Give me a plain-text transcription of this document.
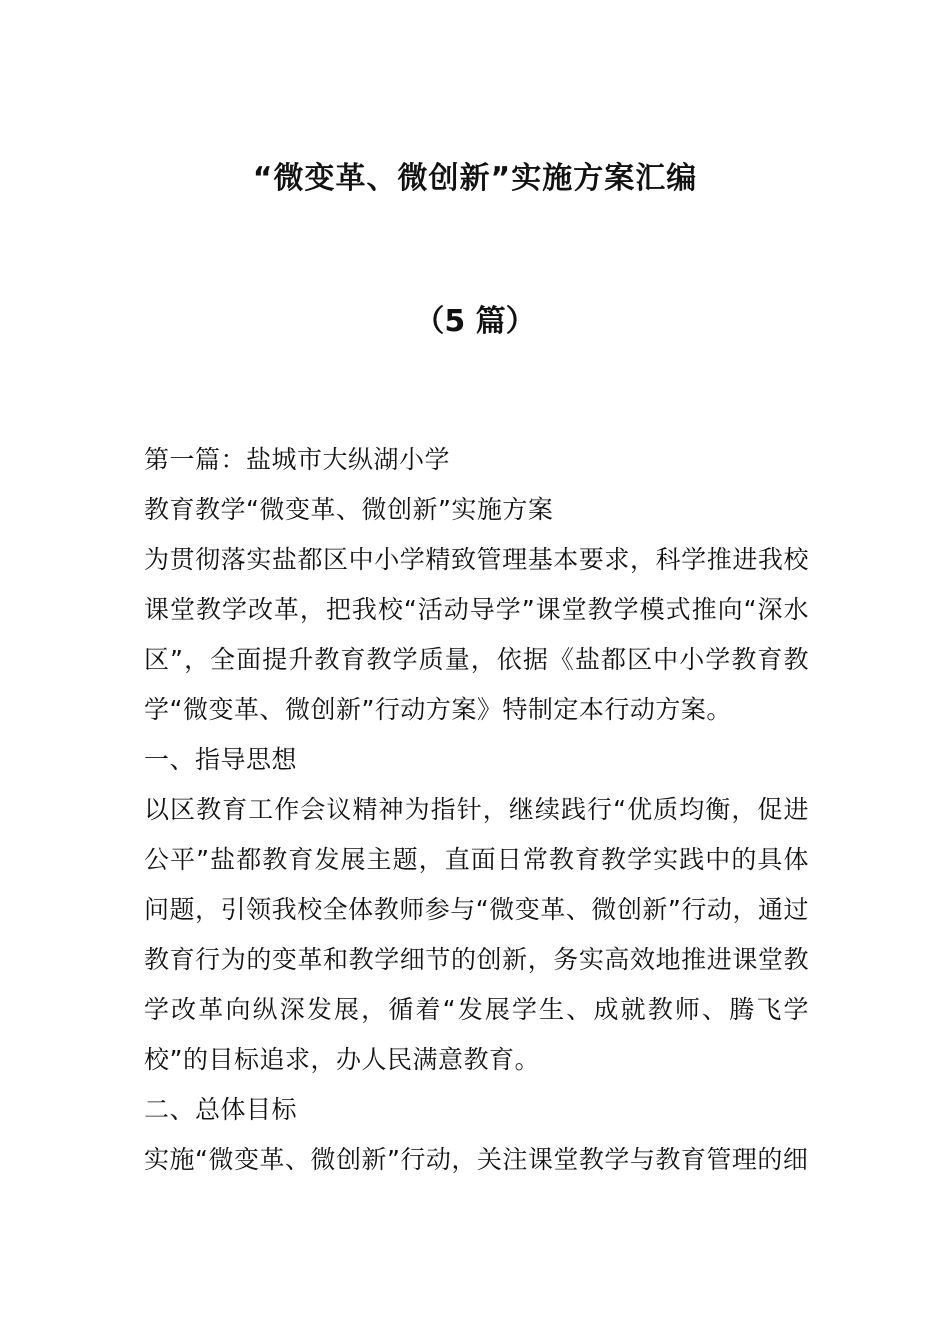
“微变革、微创新”实施方案汇编
（5 篇）

第一篇：盐城市大纵湖小学

教育教学“微变革、微创新”实施方案

为贯彻落实盐都区中小学精致管理基本要求，科学推进我校课堂教学改革，把我校“活动导学”课堂教学模式推向“深水区”，全面提升教育教学质量，依据《盐都区中小学教育教学“微变革、微创新”行动方案》特制定本行动方案。

一、指导思想

以区教育工作会议精神为指针，继续践行“优质均衡，促进公平”盐都教育发展主题，直面日常教育教学实践中的具体问题，引领我校全体教师参与“微变革、微创新”行动，通过教育行为的变革和教学细节的创新，务实高效地推进课堂教学改革向纵深发展，循着“发展学生、成就教师、腾飞学校”的目标追求，办人民满意教育。

二、总体目标

实施“微变革、微创新”行动，关注课堂教学与教育管理的细
